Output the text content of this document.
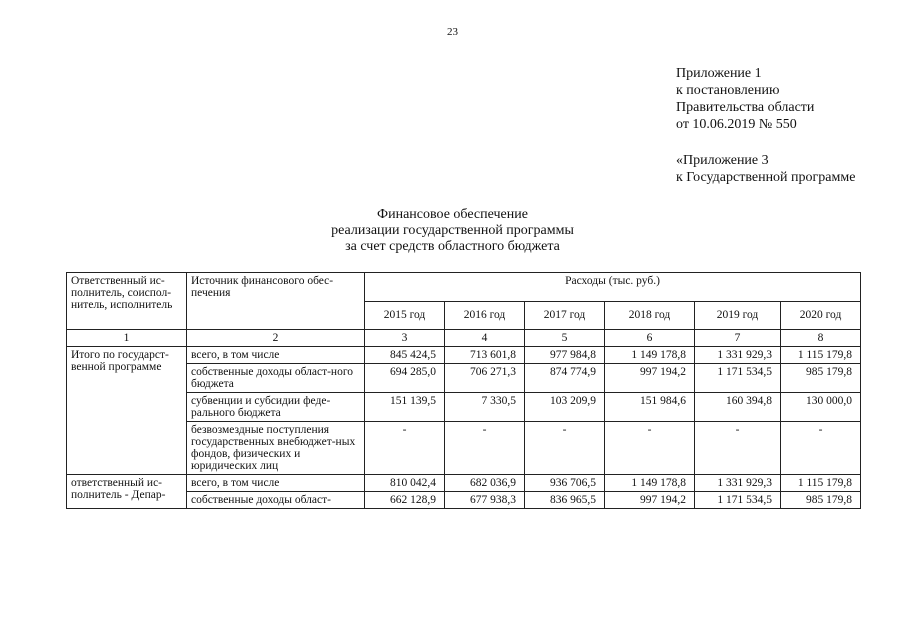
23
Приложение 1
к постановлению
Правительства области
от 10.06.2019 № 550
«Приложение 3
к Государственной программе
Финансовое обеспечение
реализации государственной программы
за счет средств областного бюджета
Ответственный ис-полнитель, соиспол-нитель, исполнитель	Источник финансового обес-печения	Расходы (тыс. руб.)					
		2015 год	2016 год	2017 год	2018 год	2019 год	2020 год
1	2	3	4	5	6	7	8
Итого по государст-венной программе	всего, в том числе	845 424,5	713 601,8	977 984,8	1 149 178,8	1 331 929,3	1 115 179,8
	собственные доходы област-ного бюджета	694 285,0	706 271,3	874 774,9	997 194,2	1 171 534,5	985 179,8
	субвенции и субсидии феде-рального бюджета	151 139,5	7 330,5	103 209,9	151 984,6	160 394,8	130 000,0
	безвозмездные поступления государственных внебюджет-ных фондов, физических и юридических лиц	-	-	-	-	-	-
ответственный ис-полнитель - Депар-	всего, в том числе	810 042,4	682 036,9	936 706,5	1 149 178,8	1 331 929,3	1 115 179,8
	собственные доходы област-	662 128,9	677 938,3	836 965,5	997 194,2	1 171 534,5	985 179,8
